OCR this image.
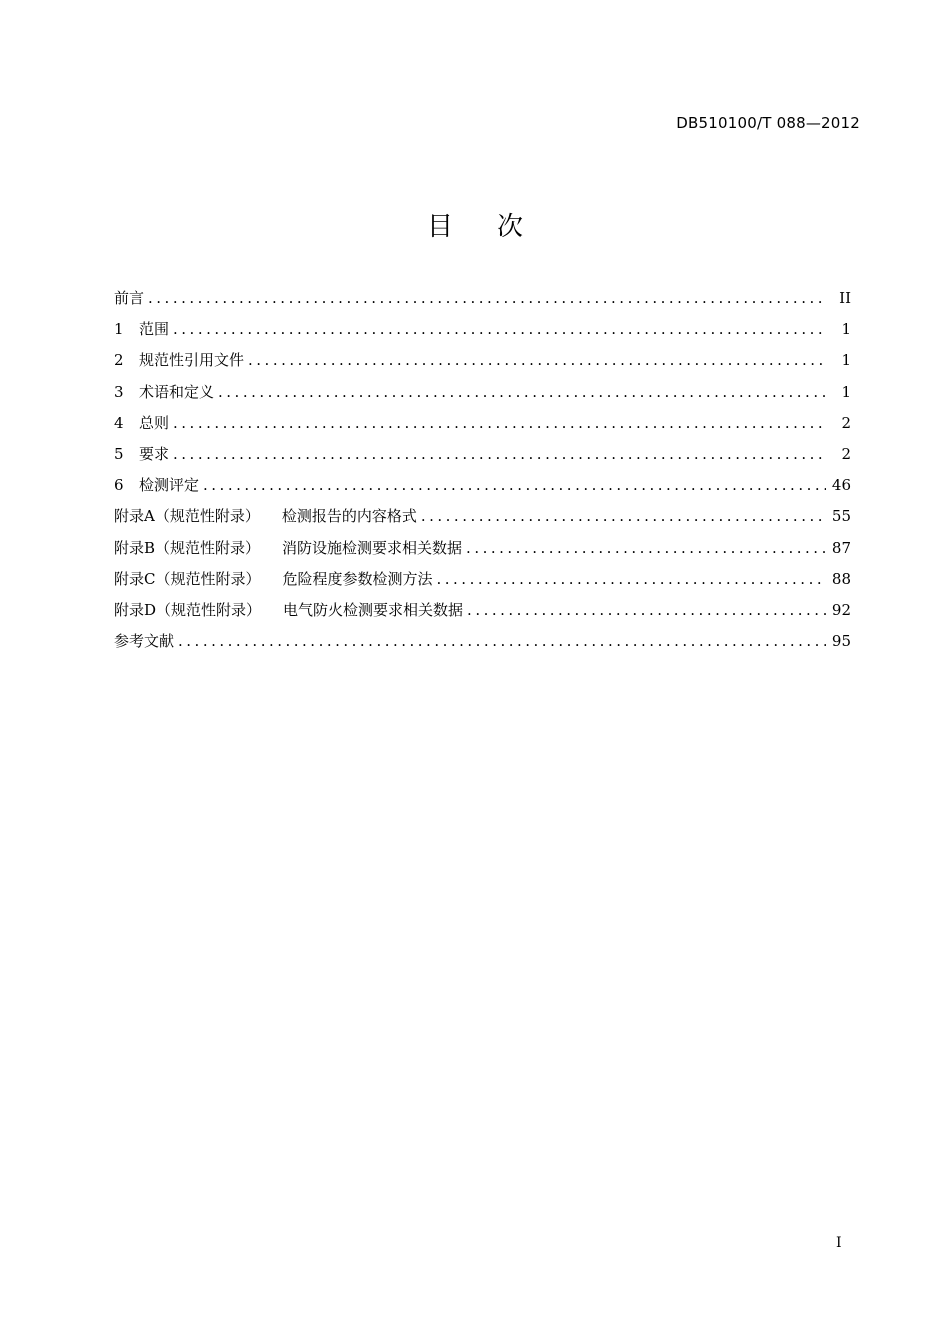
DB510100/T 088—2012
目次
前言 .....	II
1	范围 .....	1
2	规范性引用文件 .....	1
3	术语和定义 .....	1
4	总则 .....	2
5	要求 .....	2
6	检测评定 .....	46
附录A（规范性附录） 检测报告的内容格式 .....	55
附录B（规范性附录） 消防设施检测要求相关数据 .....	87
附录C（规范性附录） 危险程度参数检测方法 .....	88
附录D（规范性附录） 电气防火检测要求相关数据 .....	92
参考文献 .....	95
I
